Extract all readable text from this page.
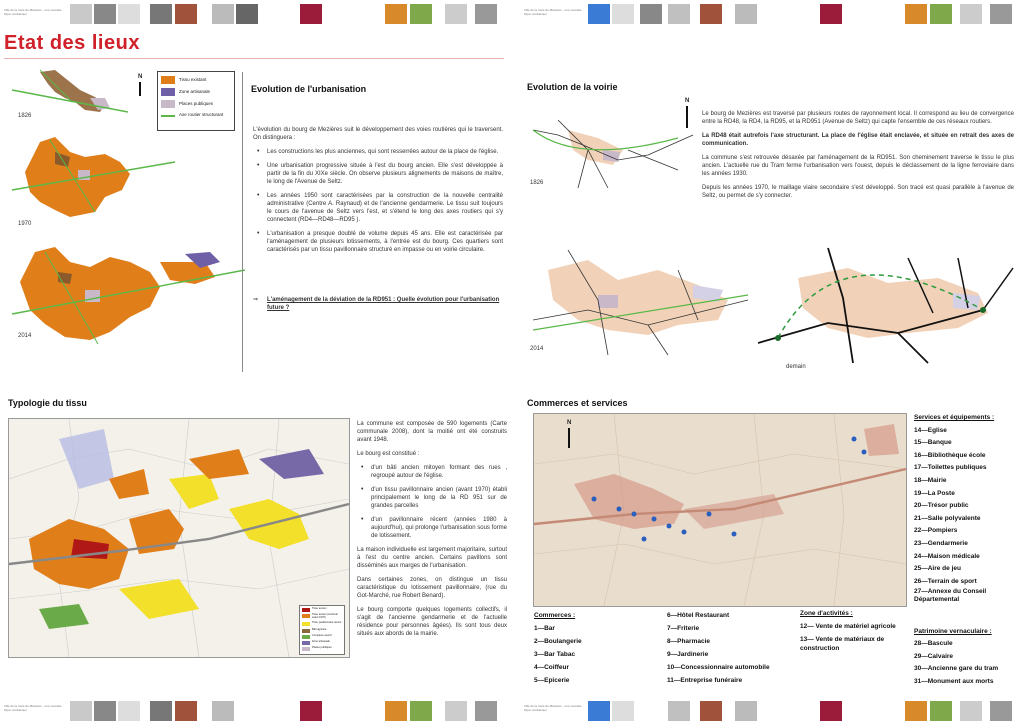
Ville de la route de Mézières · une nouvelle façon d'urbaniser
Ville de la route de Mézières · une nouvelle façon d'urbaniser
Etat des lieux
1826
1970
2014
N	Tissu existant
Zone artisanale
Places publiques
Axe routier structurant
Evolution de l'urbanisation
L'évolution du bourg de Mezières suit le développement des voies routières qui le traversent. On distinguera :
• Les constructions les plus anciennes, qui sont resserrées autour de la place de l'église.
• Une urbanisation progressive située à l'est du bourg ancien. Elle s'est développée à partir de la fin du XIXe siècle. On observe plusieurs alignements de maisons de maître, le long de l'Avenue de Seltz.
• Les années 1950 sont caractérisées par la construction de la nouvelle centralité administrative (Centre A. Raynaud) et de l'ancienne gendarmerie. Le tissu suit toujours le cours de l'avenue de Seltz vers l'est, et s'étend le long des axes routiers qui s'y connectent (RD4—RD48—RD95 ).
• L'urbanisation a presque doublé de volume depuis 45 ans. Elle est caractérisée par l'aménagement de plusieurs lotissements, à l'entrée est du bourg. Ces quartiers sont caractérisés par un tissu pavillonnaire structuré en impasse ou en voirie circulaire.
⇒ L'aménagement de la déviation de la RD951 : Quelle évolution pour l'urbanisation future ?
Evolution de la voirie
N
1826
Le bourg de Mezières est traversé par plusieurs routes de rayonnement local. Il correspond au lieu de convergence entre la RD48, la RD4, la RD95, et la RD951 (Avenue de Seltz) qui capte l'ensemble de ces réseaux routiers.
La RD48 était autrefois l'axe structurant. La place de l'église était enclavée, et située en retrait des axes de communication.
La commune s'est retrouvée désaxée par l'aménagement de la RD951. Son cheminement traverse le tissu le plus ancien. L'actuelle rue du Tram ferme l'urbanisation vers l'ouest, depuis le déclassement de la ligne ferroviaire dans les années 1930.
Depuis les années 1970, le maillage viaire secondaire s'est développé. Son tracé est quasi parallèle à l'avenue de Seltz, ou permet de s'y connecter.
2014
demain
Typologie du tissu
Tissu ancien
Tissu ancien (construit avant 1970)
Tissu pavillonnaire récent
Bâti agricole
Complexe sportif
Zone artisanale
Places publiques
La commune est composée de 590 logements (Carte communale 2008), dont la moitié ont été construits avant 1948.
Le bourg est constitué :
• d'un bâti ancien mitoyen formant des rues , regroupé autour de l'église.
• d'un tissu pavillonnaire ancien (avant 1970) établi principalement le long de la RD 951 sur de grandes parcelles
• d'un pavillonnaire récent (années 1980 à aujourd'hui), qui prolonge l'urbanisation sous forme de lotissement.
La maison individuelle est largement majoritaire, surtout à l'est du centre ancien. Certains pavillons sont disséminés aux marges de l'urbanisation.
Dans certaines zones, on distingue un tissu caractéristique du lotissement pavillonnaire, (rue du Got-Marché, rue Robert Benard).
Le bourg comporte quelques logements collectifs, il s'agit de l'ancienne gendarmerie et de l'actuelle résidence pour personnes âgées). Ils sont tous deux situés aux abords de la mairie.
Commerces et services
N
Commerces :
1—Bar
2—Boulangerie
3—Bar Tabac
4—Coiffeur
5—Epicerie
6—Hôtel Restaurant
7—Friterie
8—Pharmacie
9—Jardinerie
10—Concessionnaire automobile
11—Entreprise funéraire
Zone d'activités :
12— Vente de matériel agricole
13— Vente de matériaux de construction
Services et équipements :
14—Eglise
15—Banque
16—Bibliothèque école
17—Toilettes publiques
18—Mairie
19—La Poste
20—Trésor public
21—Salle polyvalente
22—Pompiers
23—Gendarmerie
24—Maison médicale
25—Aire de jeu
26—Terrain de sport
27—Annexe du Conseil Départemental
Patrimoine vernaculaire :
28—Bascule
29—Calvaire
30—Ancienne gare du tram
31—Monument aux morts
Ville de la route de Mézières · une nouvelle façon d'urbaniser
Ville de la route de Mézières · une nouvelle façon d'urbaniser
